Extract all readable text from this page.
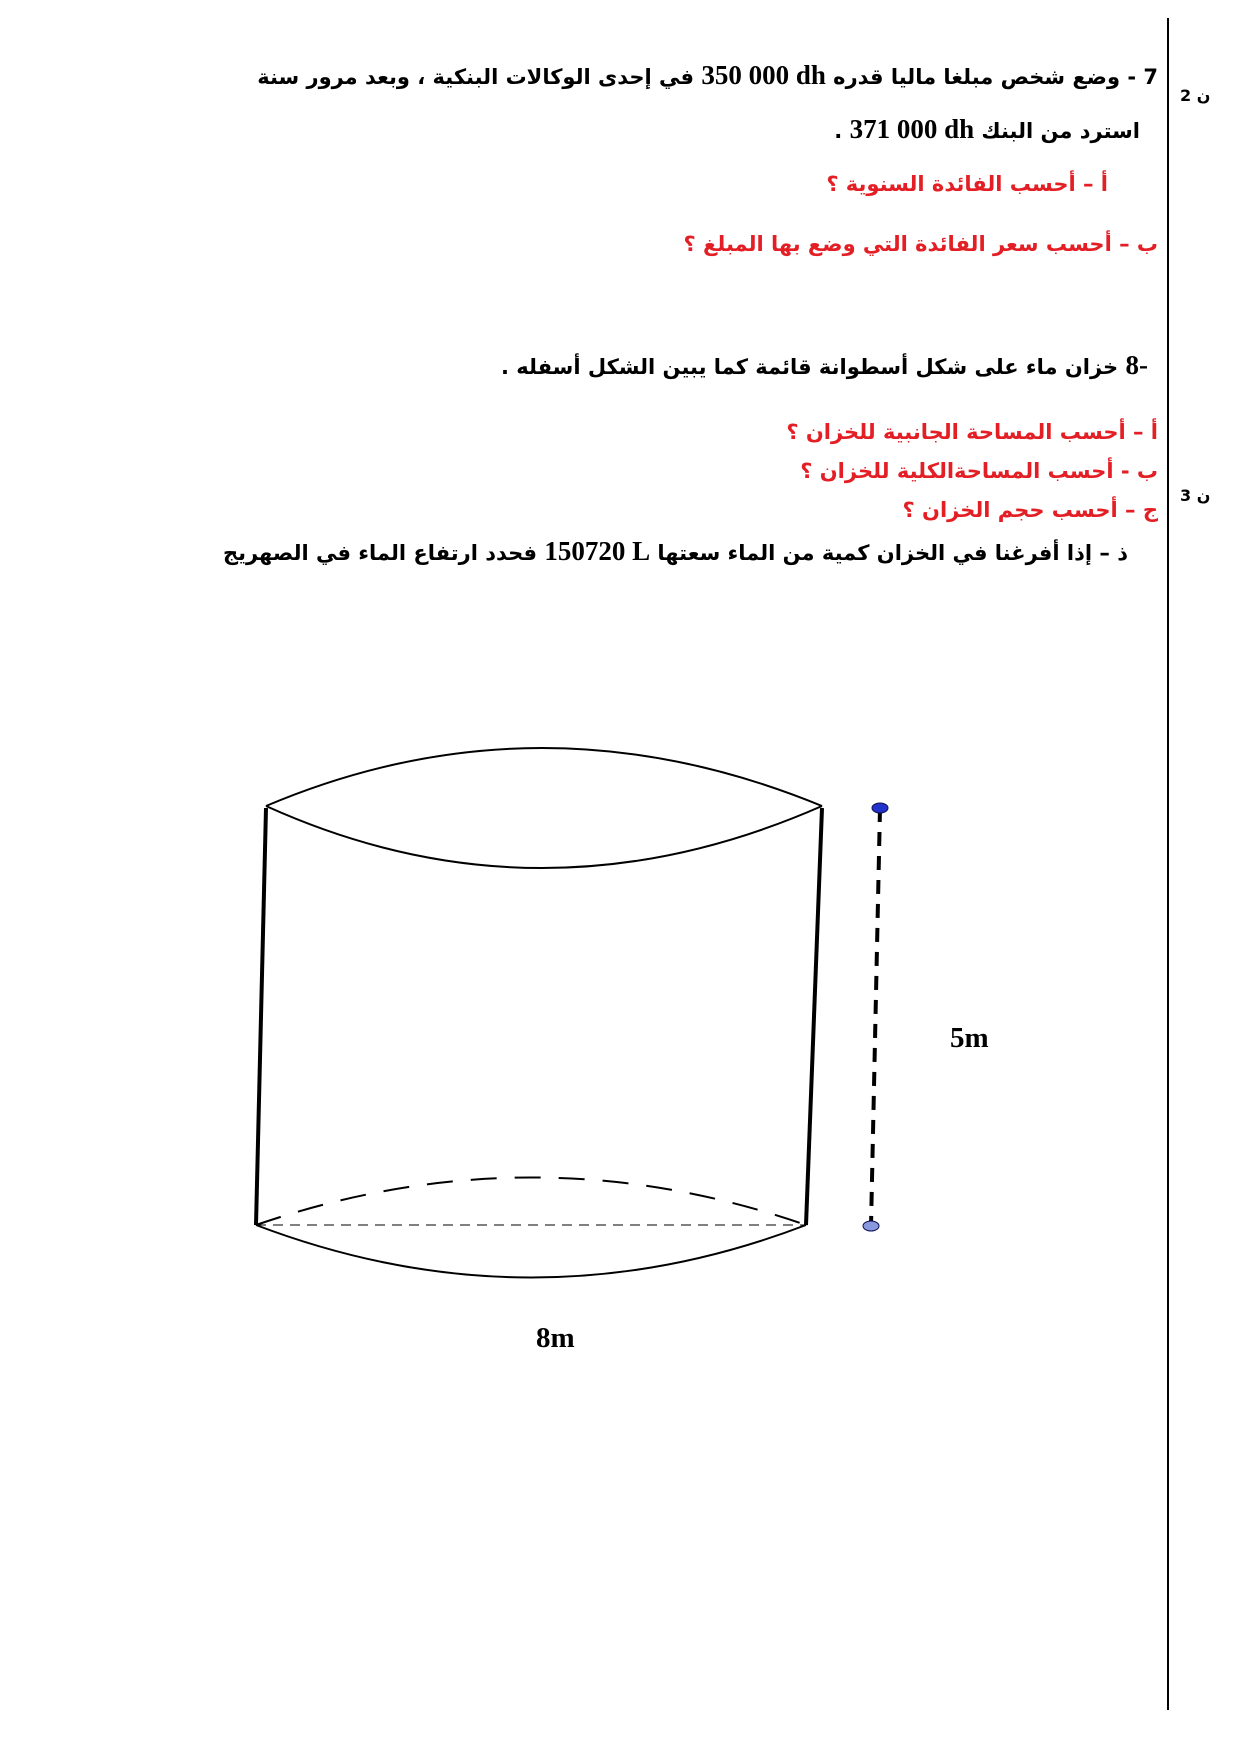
2 ن
3 ن
7 - وضع شخص مبلغا ماليا قدره 350 000 dh في إحدى الوكالات البنكية ، وبعد مرور سنة
استرد من البنك 371 000 dh .
أ – أحسب الفائدة السنوية ؟
ب – أحسب سعر الفائدة التي وضع بها المبلغ ؟
8- خزان ماء على شكل أسطوانة قائمة كما يبين الشكل أسفله .
أ – أحسب المساحة الجانبية للخزان ؟
ب - أحسب المساحةالكلية للخزان ؟
ج – أحسب حجم الخزان ؟
ذ – إذا أفرغنا في الخزان كمية من الماء سعتها 150720 L فحدد ارتفاع الماء في الصهريج
5m
8m
